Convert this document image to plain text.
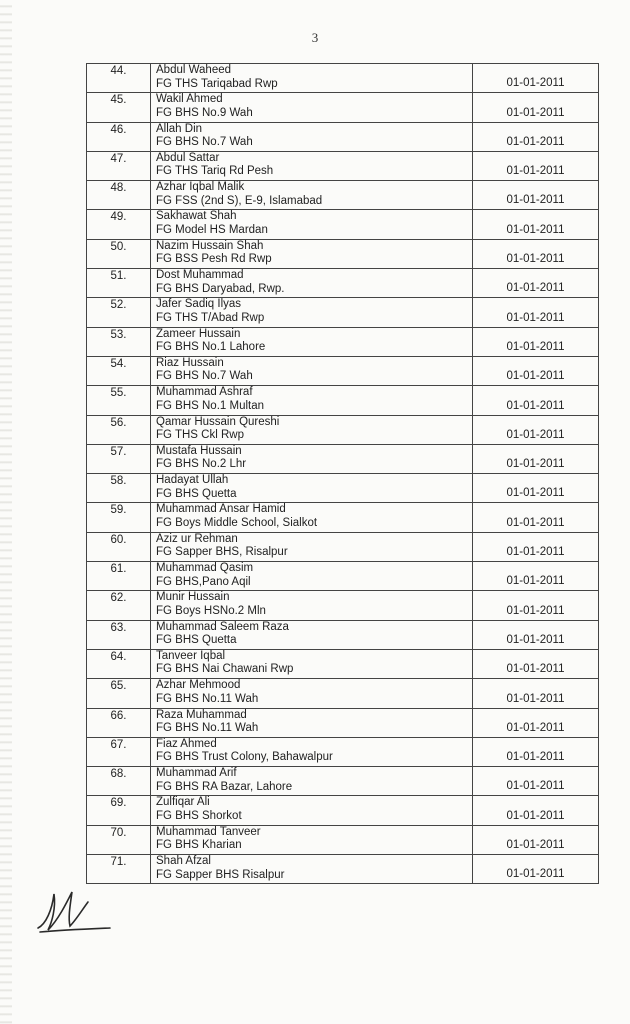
3
44.	Abdul Waheed
FG THS Tariqabad Rwp	01-01-2011
45.	Wakil Ahmed
FG BHS No.9 Wah	01-01-2011
46.	Allah Din
FG BHS No.7 Wah	01-01-2011
47.	Abdul Sattar
FG THS Tariq Rd Pesh	01-01-2011
48.	Azhar Iqbal Malik
FG FSS (2nd S), E-9, Islamabad	01-01-2011
49.	Sakhawat Shah
FG Model HS Mardan	01-01-2011
50.	Nazim Hussain Shah
FG BSS Pesh Rd Rwp	01-01-2011
51.	Dost Muhammad
FG BHS Daryabad, Rwp.	01-01-2011
52.	Jafer Sadiq Ilyas
FG THS T/Abad Rwp	01-01-2011
53.	Zameer Hussain
FG BHS No.1 Lahore	01-01-2011
54.	Riaz Hussain
FG BHS No.7 Wah	01-01-2011
55.	Muhammad Ashraf
FG BHS No.1 Multan	01-01-2011
56.	Qamar Hussain Qureshi
FG THS Ckl Rwp	01-01-2011
57.	Mustafa Hussain
FG BHS No.2 Lhr	01-01-2011
58.	Hadayat Ullah
FG BHS Quetta	01-01-2011
59.	Muhammad Ansar Hamid
FG Boys Middle School, Sialkot	01-01-2011
60.	Aziz ur Rehman
FG Sapper BHS, Risalpur	01-01-2011
61.	Muhammad Qasim
FG BHS,Pano Aqil	01-01-2011
62.	Munir Hussain
FG Boys HSNo.2 Mln	01-01-2011
63.	Muhammad Saleem Raza
FG BHS Quetta	01-01-2011
64.	Tanveer Iqbal
FG BHS Nai Chawani Rwp	01-01-2011
65.	Azhar Mehmood
FG BHS No.11 Wah	01-01-2011
66.	Raza Muhammad
FG BHS No.11 Wah	01-01-2011
67.	Fiaz Ahmed
FG BHS Trust Colony, Bahawalpur	01-01-2011
68.	Muhammad Arif
FG BHS RA Bazar, Lahore	01-01-2011
69.	Zulfiqar Ali
FG BHS Shorkot	01-01-2011
70.	Muhammad Tanveer
FG BHS Kharian	01-01-2011
71.	Shah Afzal
FG Sapper BHS Risalpur	01-01-2011
